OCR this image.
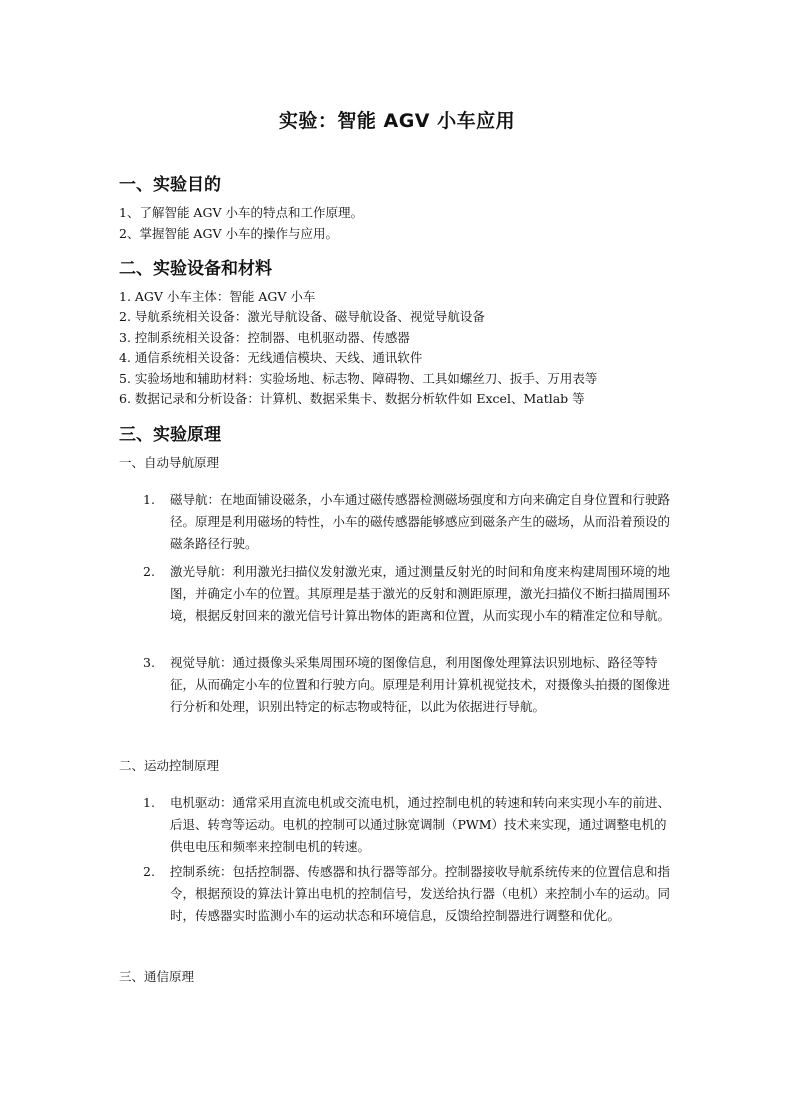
实验：智能 AGV 小车应用
一、实验目的
1、了解智能 AGV 小车的特点和工作原理。
2、掌握智能 AGV 小车的操作与应用。
二、实验设备和材料
1. AGV 小车主体：智能 AGV 小车
2. 导航系统相关设备：激光导航设备、磁导航设备、视觉导航设备
3. 控制系统相关设备：控制器、电机驱动器、传感器
4. 通信系统相关设备：无线通信模块、天线、通讯软件
5. 实验场地和辅助材料：实验场地、标志物、障碍物、工具如螺丝刀、扳手、万用表等
6. 数据记录和分析设备：计算机、数据采集卡、数据分析软件如 Excel、Matlab 等
三、实验原理
一、自动导航原理
1. 磁导航：在地面铺设磁条，小车通过磁传感器检测磁场强度和方向来确定自身位置和行驶路径。原理是利用磁场的特性，小车的磁传感器能够感应到磁条产生的磁场，从而沿着预设的磁条路径行驶。
2. 激光导航：利用激光扫描仪发射激光束，通过测量反射光的时间和角度来构建周围环境的地图，并确定小车的位置。其原理是基于激光的反射和测距原理，激光扫描仪不断扫描周围环境，根据反射回来的激光信号计算出物体的距离和位置，从而实现小车的精准定位和导航。
3. 视觉导航：通过摄像头采集周围环境的图像信息，利用图像处理算法识别地标、路径等特征，从而确定小车的位置和行驶方向。原理是利用计算机视觉技术，对摄像头拍摄的图像进行分析和处理，识别出特定的标志物或特征，以此为依据进行导航。
二、运动控制原理
1. 电机驱动：通常采用直流电机或交流电机，通过控制电机的转速和转向来实现小车的前进、后退、转弯等运动。电机的控制可以通过脉宽调制（PWM）技术来实现，通过调整电机的供电电压和频率来控制电机的转速。
2. 控制系统：包括控制器、传感器和执行器等部分。控制器接收导航系统传来的位置信息和指令，根据预设的算法计算出电机的控制信号，发送给执行器（电机）来控制小车的运动。同时，传感器实时监测小车的运动状态和环境信息，反馈给控制器进行调整和优化。
三、通信原理
